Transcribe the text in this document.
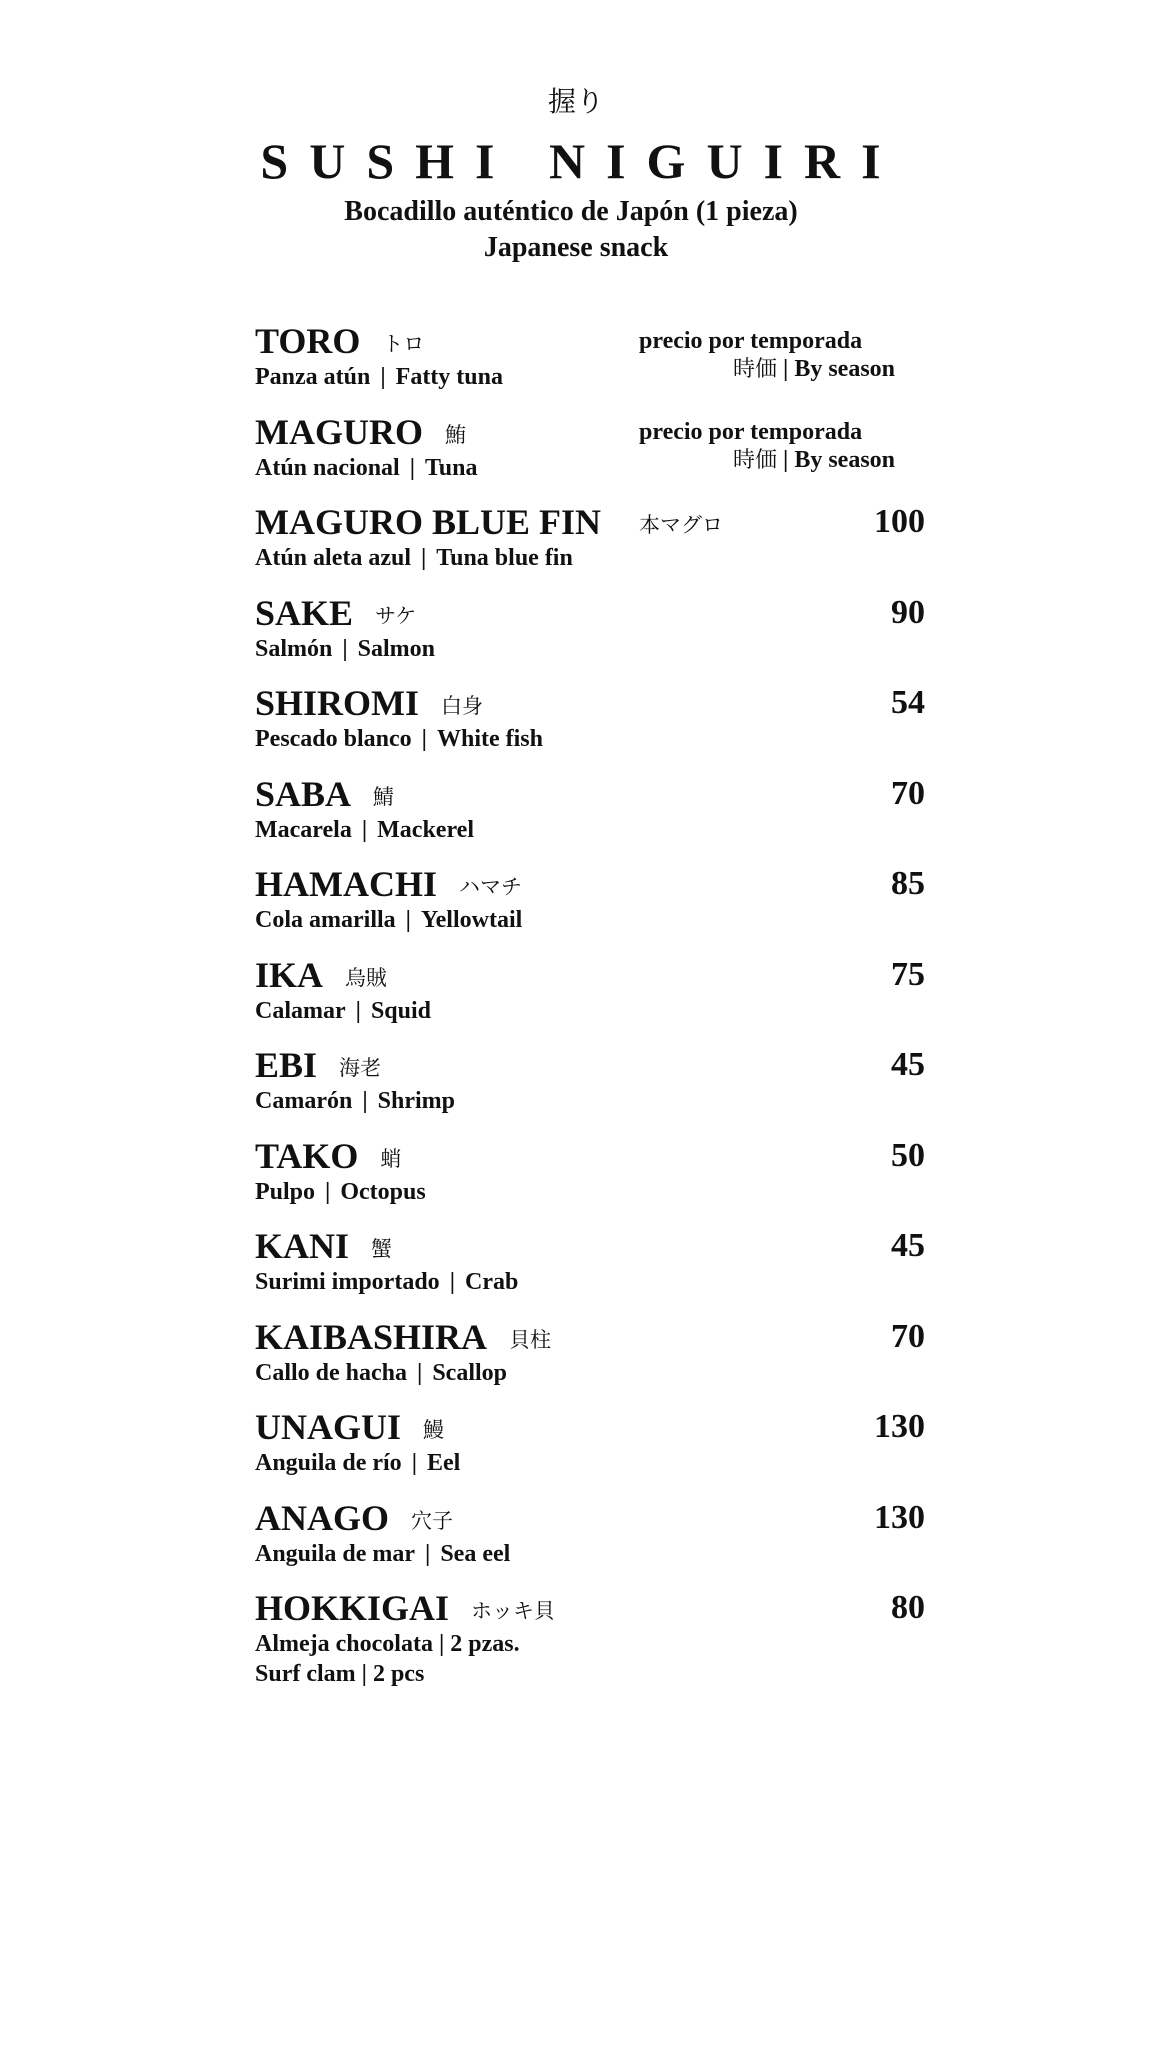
握り
SUSHI NIGUIRI
Bocadillo auténtico de Japón (1 pieza)
Japanese snack
TORO トロ
Panza atún | Fatty tuna
precio por temporada
時価 | By season
MAGURO 鮪
Atún nacional | Tuna
precio por temporada
時価 | By season
MAGURO BLUE FIN 本マグロ
Atún aleta azul | Tuna blue fin
100
SAKE サケ
Salmón | Salmon
90
SHIROMI 白身
Pescado blanco | White fish
54
SABA 鯖
Macarela | Mackerel
70
HAMACHI ハマチ
Cola amarilla | Yellowtail
85
IKA 烏賊
Calamar | Squid
75
EBI 海老
Camarón | Shrimp
45
TAKO 蛸
Pulpo | Octopus
50
KANI 蟹
Surimi importado | Crab
45
KAIBASHIRA 貝柱
Callo de hacha | Scallop
70
UNAGUI 鰻
Anguila de río | Eel
130
ANAGO 穴子
Anguila de mar | Sea eel
130
HOKKIGAI ホッキ貝
Almeja chocolata | 2 pzas.
Surf clam | 2 pcs
80
